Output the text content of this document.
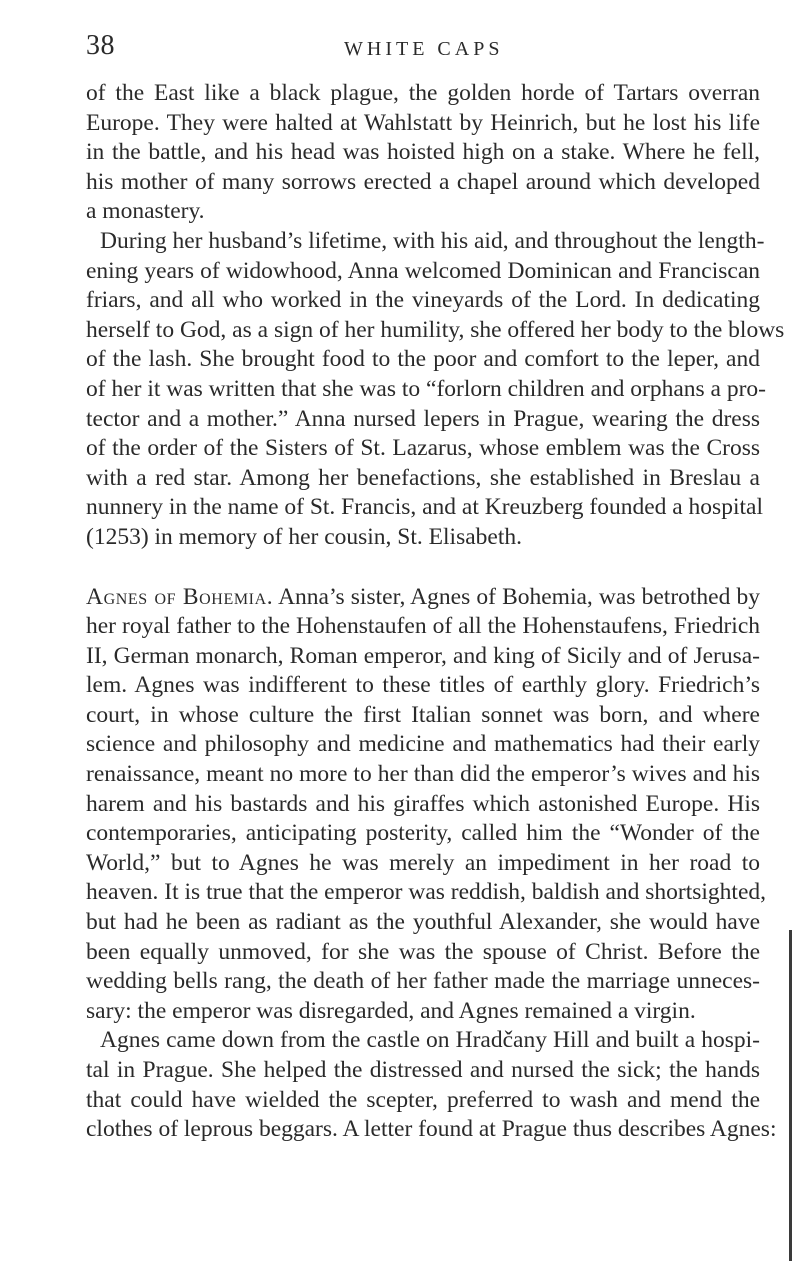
38	WHITE CAPS

of the East like a black plague, the golden horde of Tartars overran
Europe. They were halted at Wahlstatt by Heinrich, but he lost his life
in the battle, and his head was hoisted high on a stake. Where he fell,
his mother of many sorrows erected a chapel around which developed
a monastery.

During her husband’s lifetime, with his aid, and throughout the length-
ening years of widowhood, Anna welcomed Dominican and Franciscan
friars, and all who worked in the vineyards of the Lord. In dedicating
herself to God, as a sign of her humility, she offered her body to the blows
of the lash. She brought food to the poor and comfort to the leper, and
of her it was written that she was to “forlorn children and orphans a pro-
tector and a mother.” Anna nursed lepers in Prague, wearing the dress
of the order of the Sisters of St. Lazarus, whose emblem was the Cross
with a red star. Among her benefactions, she established in Breslau a
nunnery in the name of St. Francis, and at Kreuzberg founded a hospital
(1253) in memory of her cousin, St. Elisabeth.

Agnes of Bohemia. Anna’s sister, Agnes of Bohemia, was betrothed by
her royal father to the Hohenstaufen of all the Hohenstaufens, Friedrich
II, German monarch, Roman emperor, and king of Sicily and of Jerusa-
lem. Agnes was indifferent to these titles of earthly glory. Friedrich’s
court, in whose culture the first Italian sonnet was born, and where
science and philosophy and medicine and mathematics had their early
renaissance, meant no more to her than did the emperor’s wives and his
harem and his bastards and his giraffes which astonished Europe. His
contemporaries, anticipating posterity, called him the “Wonder of the
World,” but to Agnes he was merely an impediment in her road to
heaven. It is true that the emperor was reddish, baldish and shortsighted,
but had he been as radiant as the youthful Alexander, she would have
been equally unmoved, for she was the spouse of Christ. Before the
wedding bells rang, the death of her father made the marriage unneces-
sary: the emperor was disregarded, and Agnes remained a virgin.

Agnes came down from the castle on Hradčany Hill and built a hospi-
tal in Prague. She helped the distressed and nursed the sick; the hands
that could have wielded the scepter, preferred to wash and mend the
clothes of leprous beggars. A letter found at Prague thus describes Agnes:
